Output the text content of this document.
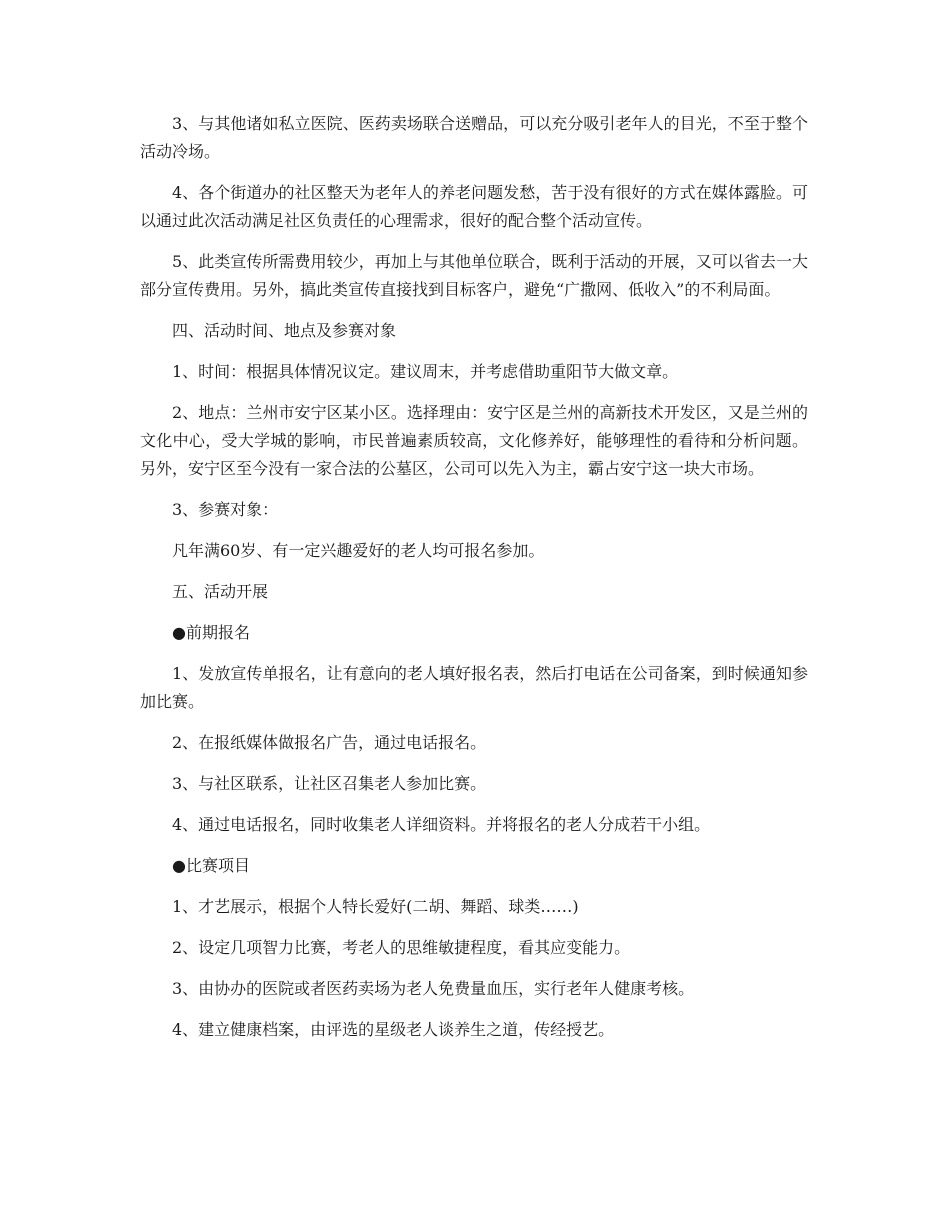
3、与其他诸如私立医院、医药卖场联合送赠品，可以充分吸引老年人的目光，不至于整个活动冷场。

4、各个街道办的社区整天为老年人的养老问题发愁，苦于没有很好的方式在媒体露脸。可以通过此次活动满足社区负责任的心理需求，很好的配合整个活动宣传。

5、此类宣传所需费用较少，再加上与其他单位联合，既利于活动的开展，又可以省去一大部分宣传费用。另外，搞此类宣传直接找到目标客户，避免“广撒网、低收入”的不利局面。

四、活动时间、地点及参赛对象

1、时间：根据具体情况议定。建议周末，并考虑借助重阳节大做文章。

2、地点：兰州市安宁区某小区。选择理由：安宁区是兰州的高新技术开发区，又是兰州的文化中心，受大学城的影响，市民普遍素质较高，文化修养好，能够理性的看待和分析问题。另外，安宁区至今没有一家合法的公墓区，公司可以先入为主，霸占安宁这一块大市场。

3、参赛对象：

凡年满60岁、有一定兴趣爱好的老人均可报名参加。

五、活动开展

●前期报名

1、发放宣传单报名，让有意向的老人填好报名表，然后打电话在公司备案，到时候通知参加比赛。

2、在报纸媒体做报名广告，通过电话报名。

3、与社区联系，让社区召集老人参加比赛。

4、通过电话报名，同时收集老人详细资料。并将报名的老人分成若干小组。

●比赛项目

1、才艺展示，根据个人特长爱好(二胡、舞蹈、球类……)

2、设定几项智力比赛，考老人的思维敏捷程度，看其应变能力。

3、由协办的医院或者医药卖场为老人免费量血压，实行老年人健康考核。

4、建立健康档案，由评选的星级老人谈养生之道，传经授艺。
